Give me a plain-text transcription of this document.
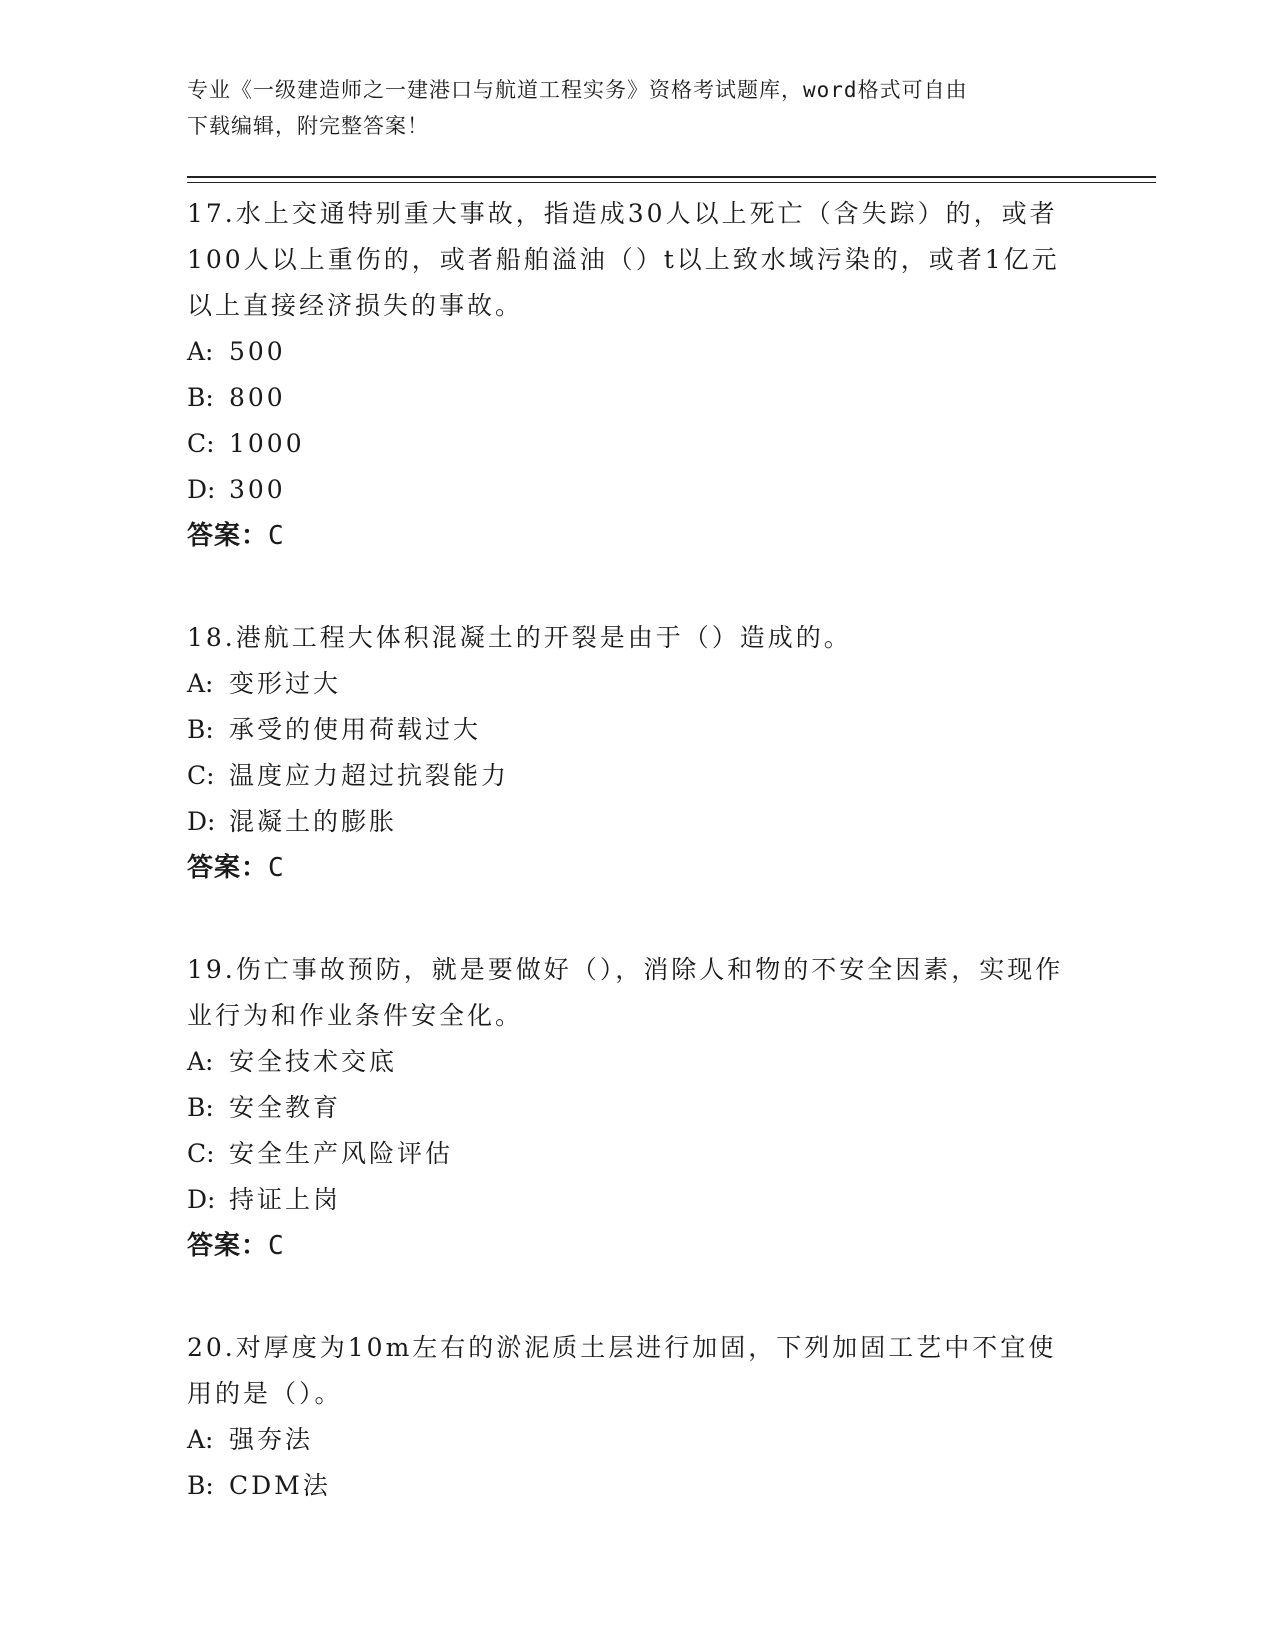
专业《一级建造师之一建港口与航道工程实务》资格考试题库，word格式可自由
下载编辑，附完整答案！

17.水上交通特别重大事故，指造成30人以上死亡（含失踪）的，或者100人以上重伤的，或者船舶溢油（）t以上致水域污染的，或者1亿元以上直接经济损失的事故。

A: 500

B: 800

C: 1000

D: 300

答案：C

18.港航工程大体积混凝土的开裂是由于（）造成的。

A: 变形过大

B: 承受的使用荷载过大

C: 温度应力超过抗裂能力

D: 混凝土的膨胀

答案：C

19.伤亡事故预防，就是要做好（），消除人和物的不安全因素，实现作业行为和作业条件安全化。

A: 安全技术交底

B: 安全教育

C: 安全生产风险评估

D: 持证上岗

答案：C

20.对厚度为10m左右的淤泥质土层进行加固，下列加固工艺中不宜使用的是（）。

A: 强夯法

B: CDM法
